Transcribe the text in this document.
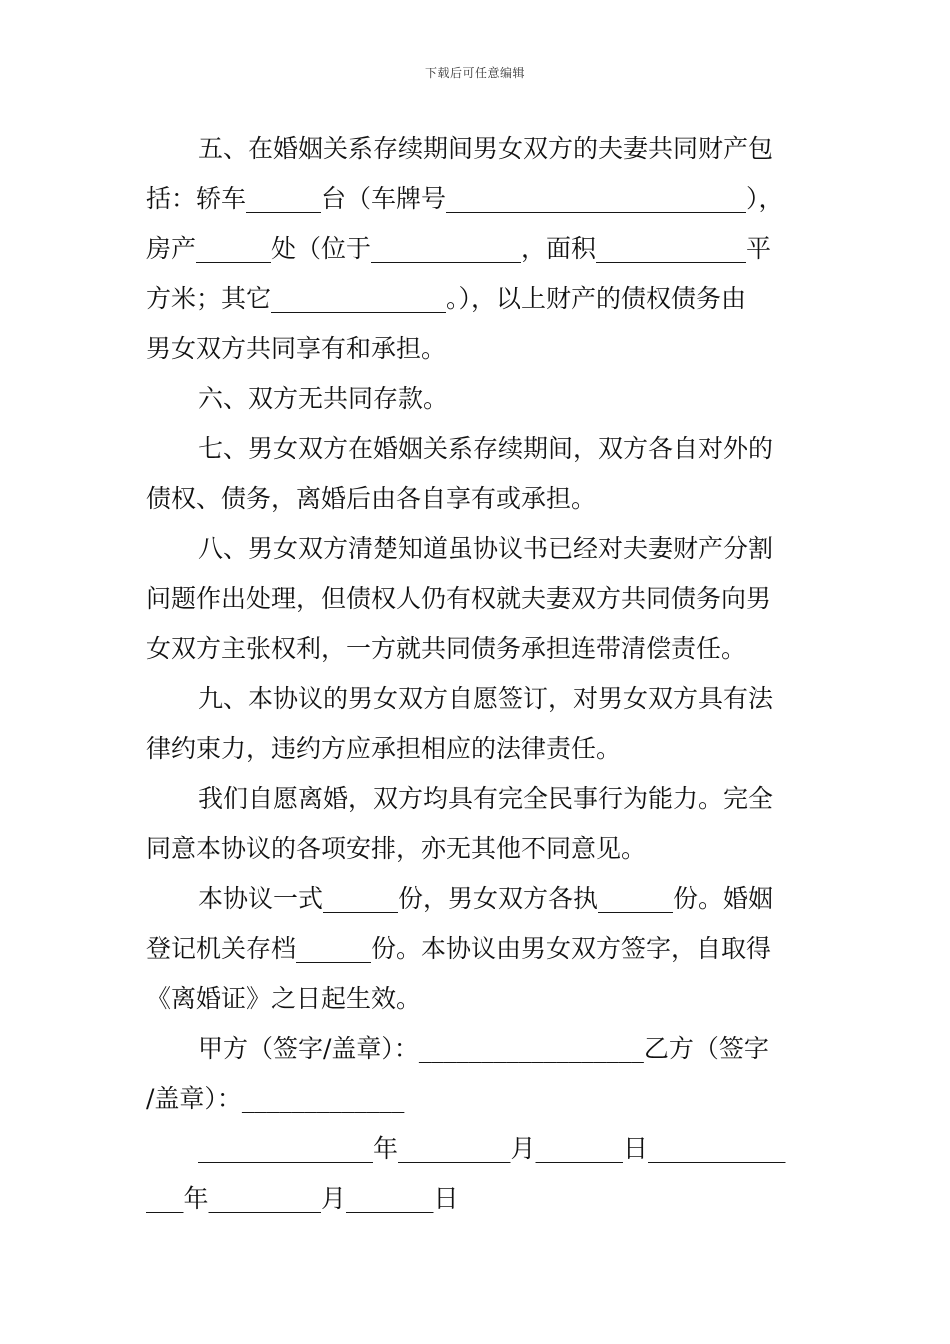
下载后可任意编辑
五、在婚姻关系存续期间男女双方的夫妻共同财产包
括：轿车______台（车牌号________________________），
房产______处（位于____________，面积____________平
方米；其它______________。），以上财产的债权债务由
男女双方共同享有和承担。
六、双方无共同存款。
七、男女双方在婚姻关系存续期间，双方各自对外的
债权、债务，离婚后由各自享有或承担。
八、男女双方清楚知道虽协议书已经对夫妻财产分割
问题作出处理，但债权人仍有权就夫妻双方共同债务向男
女双方主张权利，一方就共同债务承担连带清偿责任。
九、本协议的男女双方自愿签订，对男女双方具有法
律约束力，违约方应承担相应的法律责任。
我们自愿离婚，双方均具有完全民事行为能力。完全
同意本协议的各项安排，亦无其他不同意见。
本协议一式______份，男女双方各执______份。婚姻
登记机关存档______份。本协议由男女双方签字，自取得
《离婚证》之日起生效。
甲方（签字/盖章）：__________________乙方（签字
/盖章）：_____________
______________年_________月_______日___________
___年_________月_______日
